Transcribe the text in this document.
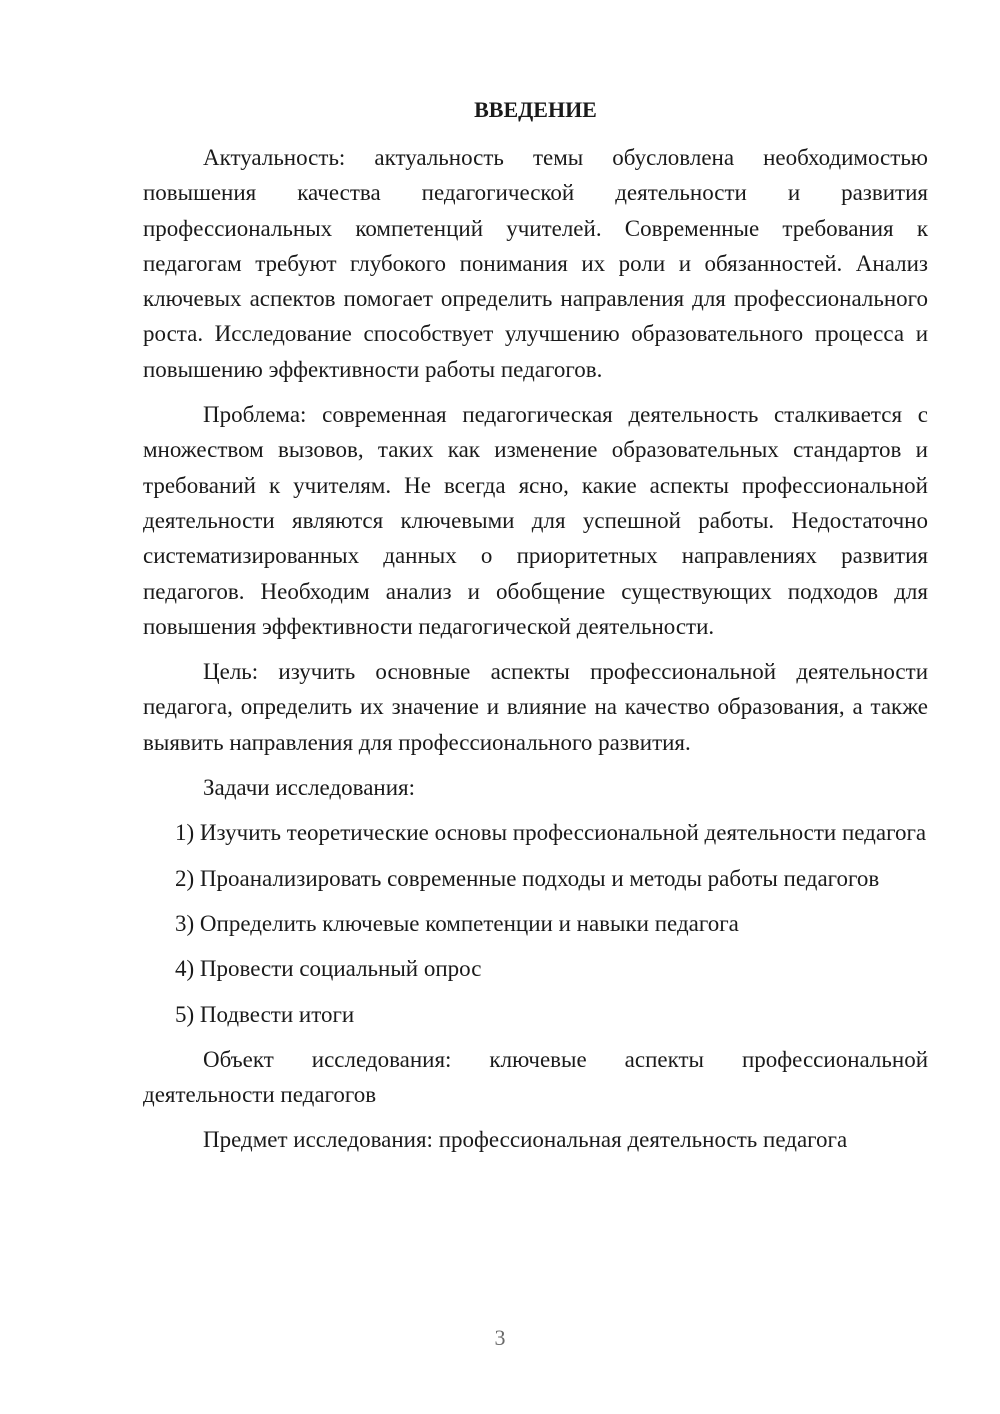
ВВЕДЕНИЕ

Актуальность: актуальность темы обусловлена необходимостью повышения качества педагогической деятельности и развития профессиональных компетенций учителей. Современные требования к педагогам требуют глубокого понимания их роли и обязанностей. Анализ ключевых аспектов помогает определить направления для профессионального роста. Исследование способствует улучшению образовательного процесса и повышению эффективности работы педагогов.

Проблема: современная педагогическая деятельность сталкивается с множеством вызовов, таких как изменение образовательных стандартов и требований к учителям. Не всегда ясно, какие аспекты профессиональной деятельности являются ключевыми для успешной работы. Недостаточно систематизированных данных о приоритетных направлениях развития педагогов. Необходим анализ и обобщение существующих подходов для повышения эффективности педагогической деятельности.

Цель: изучить основные аспекты профессиональной деятельности педагога, определить их значение и влияние на качество образования, а также выявить направления для профессионального развития.

Задачи исследования:

1) Изучить теоретические основы профессиональной деятельности педагога

2) Проанализировать современные подходы и методы работы педагогов

3) Определить ключевые компетенции и навыки педагога

4) Провести социальный опрос

5) Подвести итоги

Объект исследования: ключевые аспекты профессиональной деятельности педагогов

Предмет исследования: профессиональная деятельность педагога

3
